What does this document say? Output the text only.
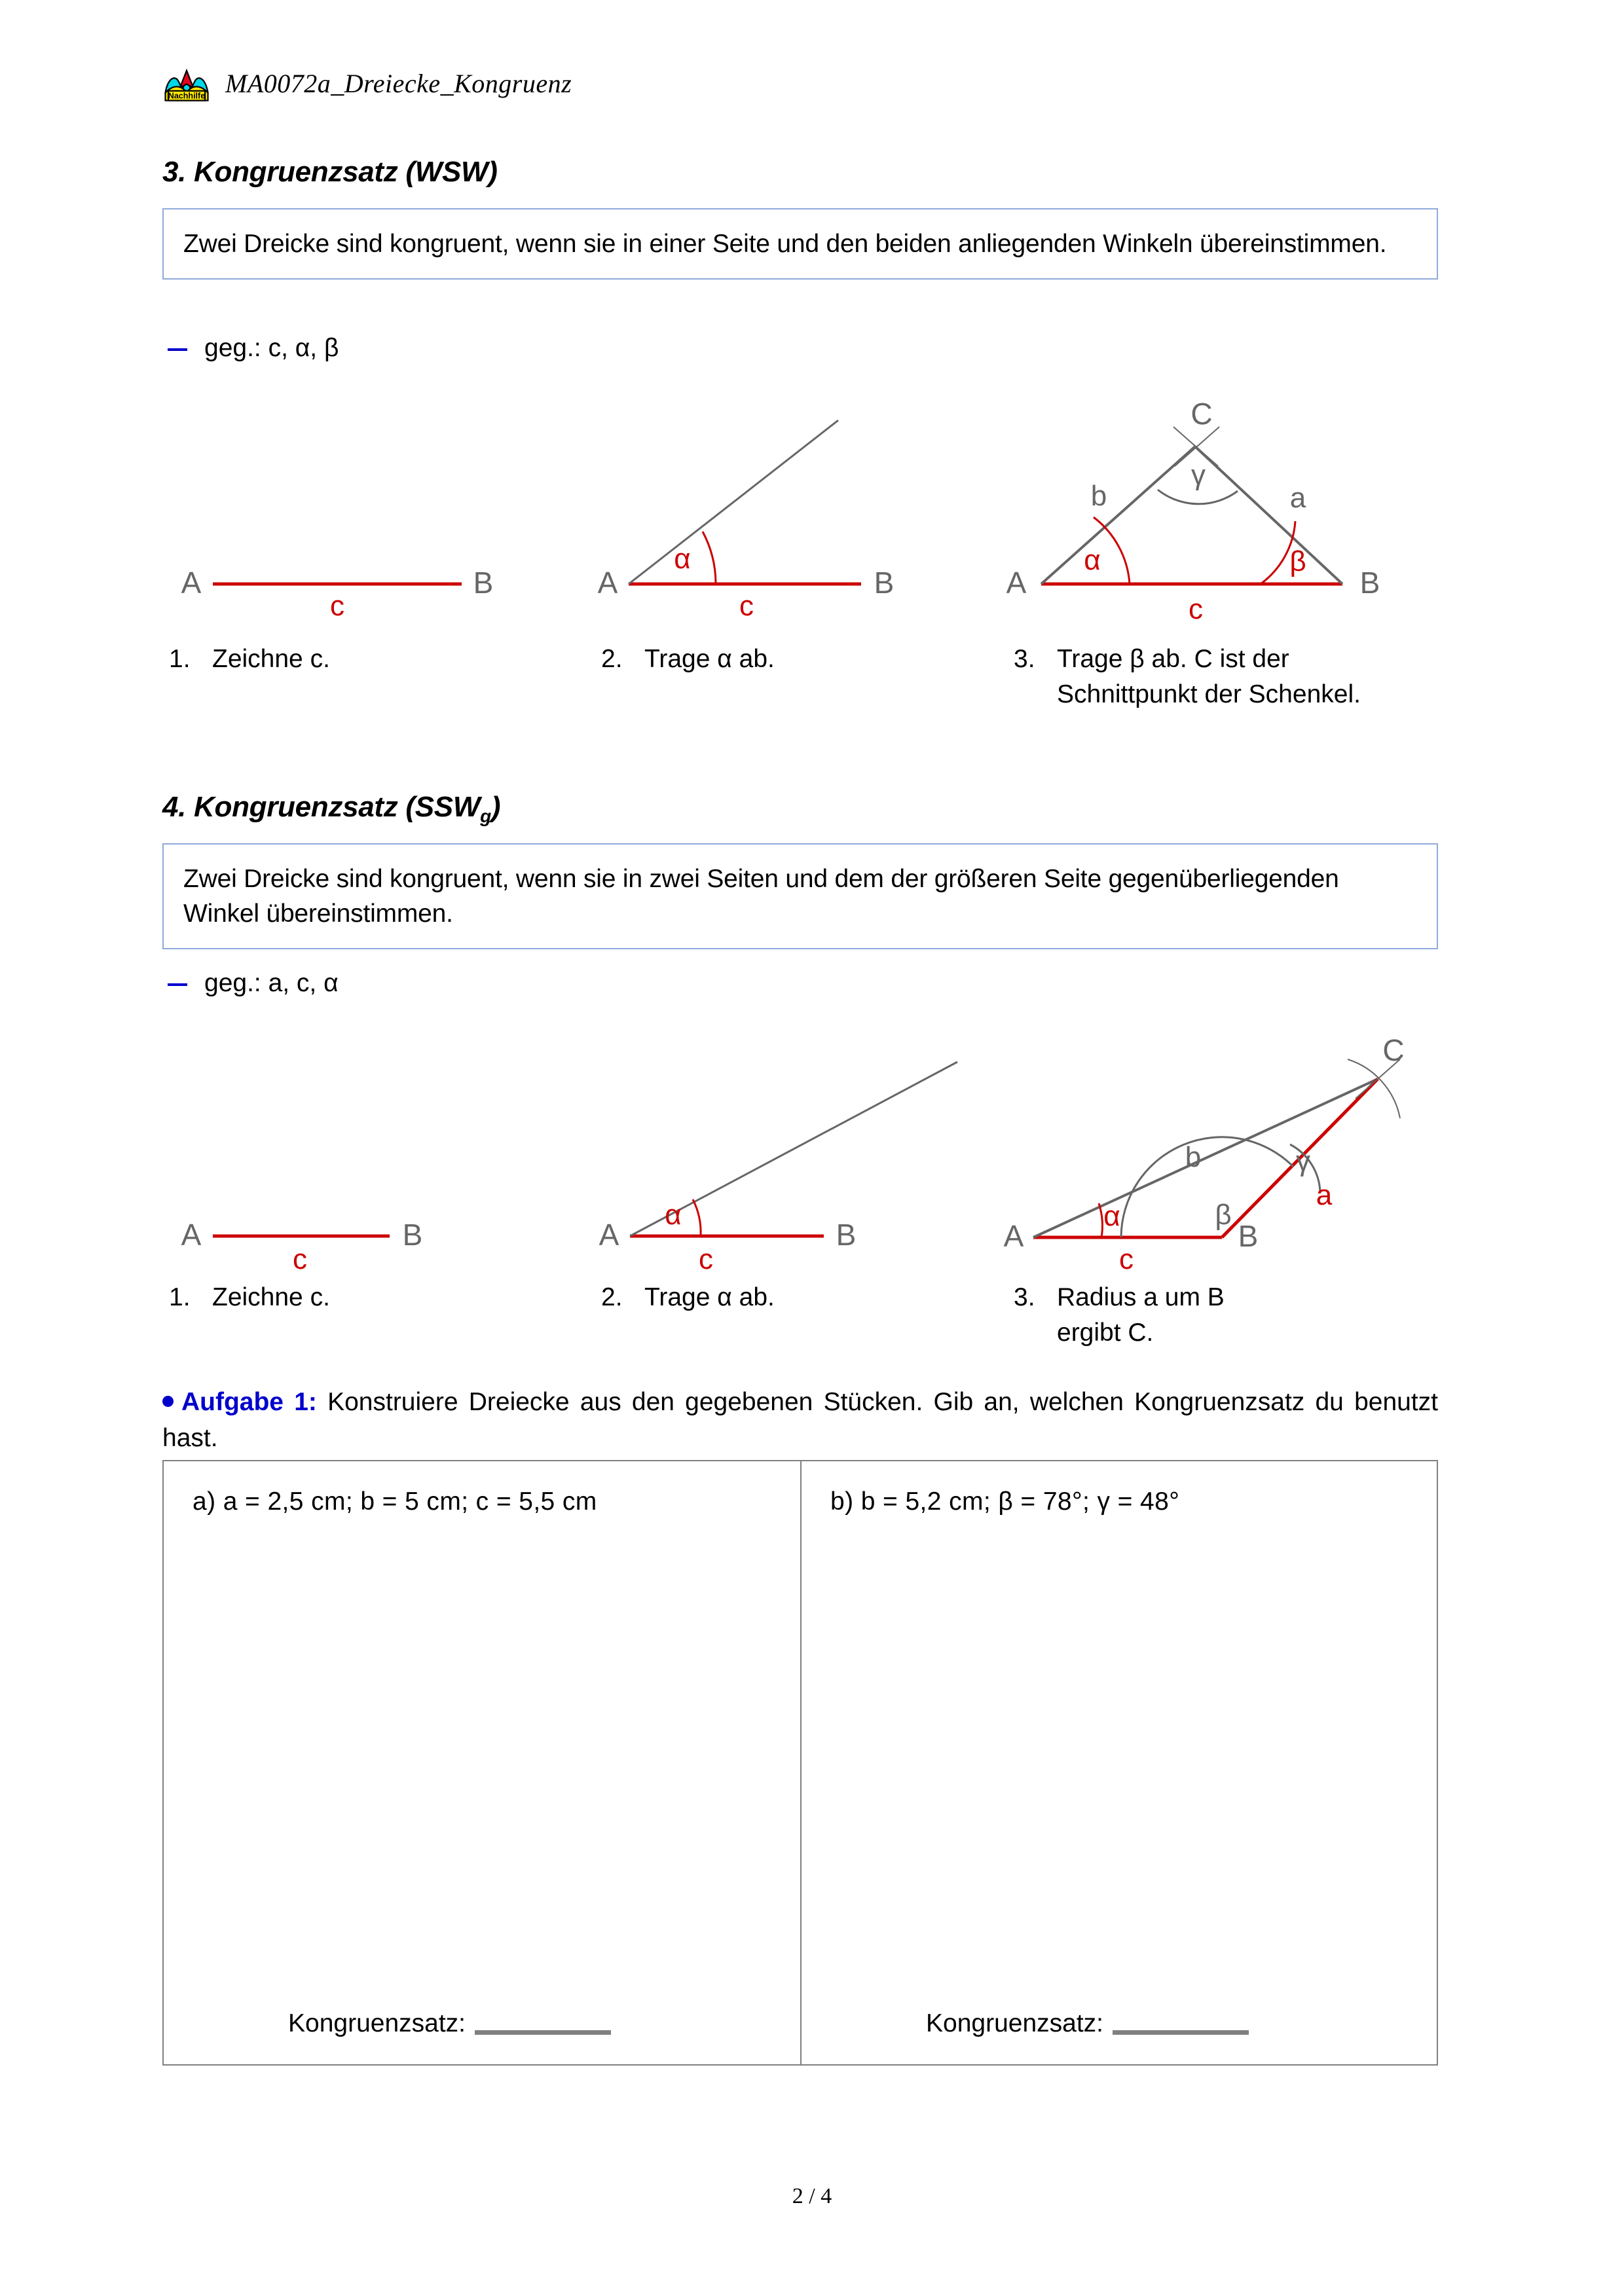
Nachhilfe MA0072a_Dreiecke_Kongruenz
3. Kongruenzsatz (WSW)

Zwei Dreicke sind kongruent, wenn sie in einer Seite und den beiden anliegenden Winkeln übereinstimmen.

geg.: c, α, β
A	B
c
α
A	B
c
C
A	B
b	a
c
α	β
γ
1. Zeichne c.	2. Trage α ab.	3. Trage β ab. C ist der Schnittpunkt der Schenkel.
4. Kongruenzsatz $(SSW_g)$

Zwei Dreicke sind kongruent, wenn sie in zwei Seiten und dem der größeren Seite gegenüberliegenden Winkel übereinstimmen.

geg.: a, c, α
A	B
c
α
A	B
c
C
A	B
b
a
c
α	β
γ
1. Zeichne c.	2. Trage α ab.	3. Radius a um B ergibt C.
Aufgabe 1: Konstruiere Dreiecke aus den gegebenen Stücken. Gib an, welchen Kongruenzsatz du benutzt hast.
a) a = 2,5 cm; b = 5 cm; c = 5,5 cm
Kongruenzsatz:
b) b = 5,2 cm; β = 78°; γ = 48°
Kongruenzsatz:
2 / 4
